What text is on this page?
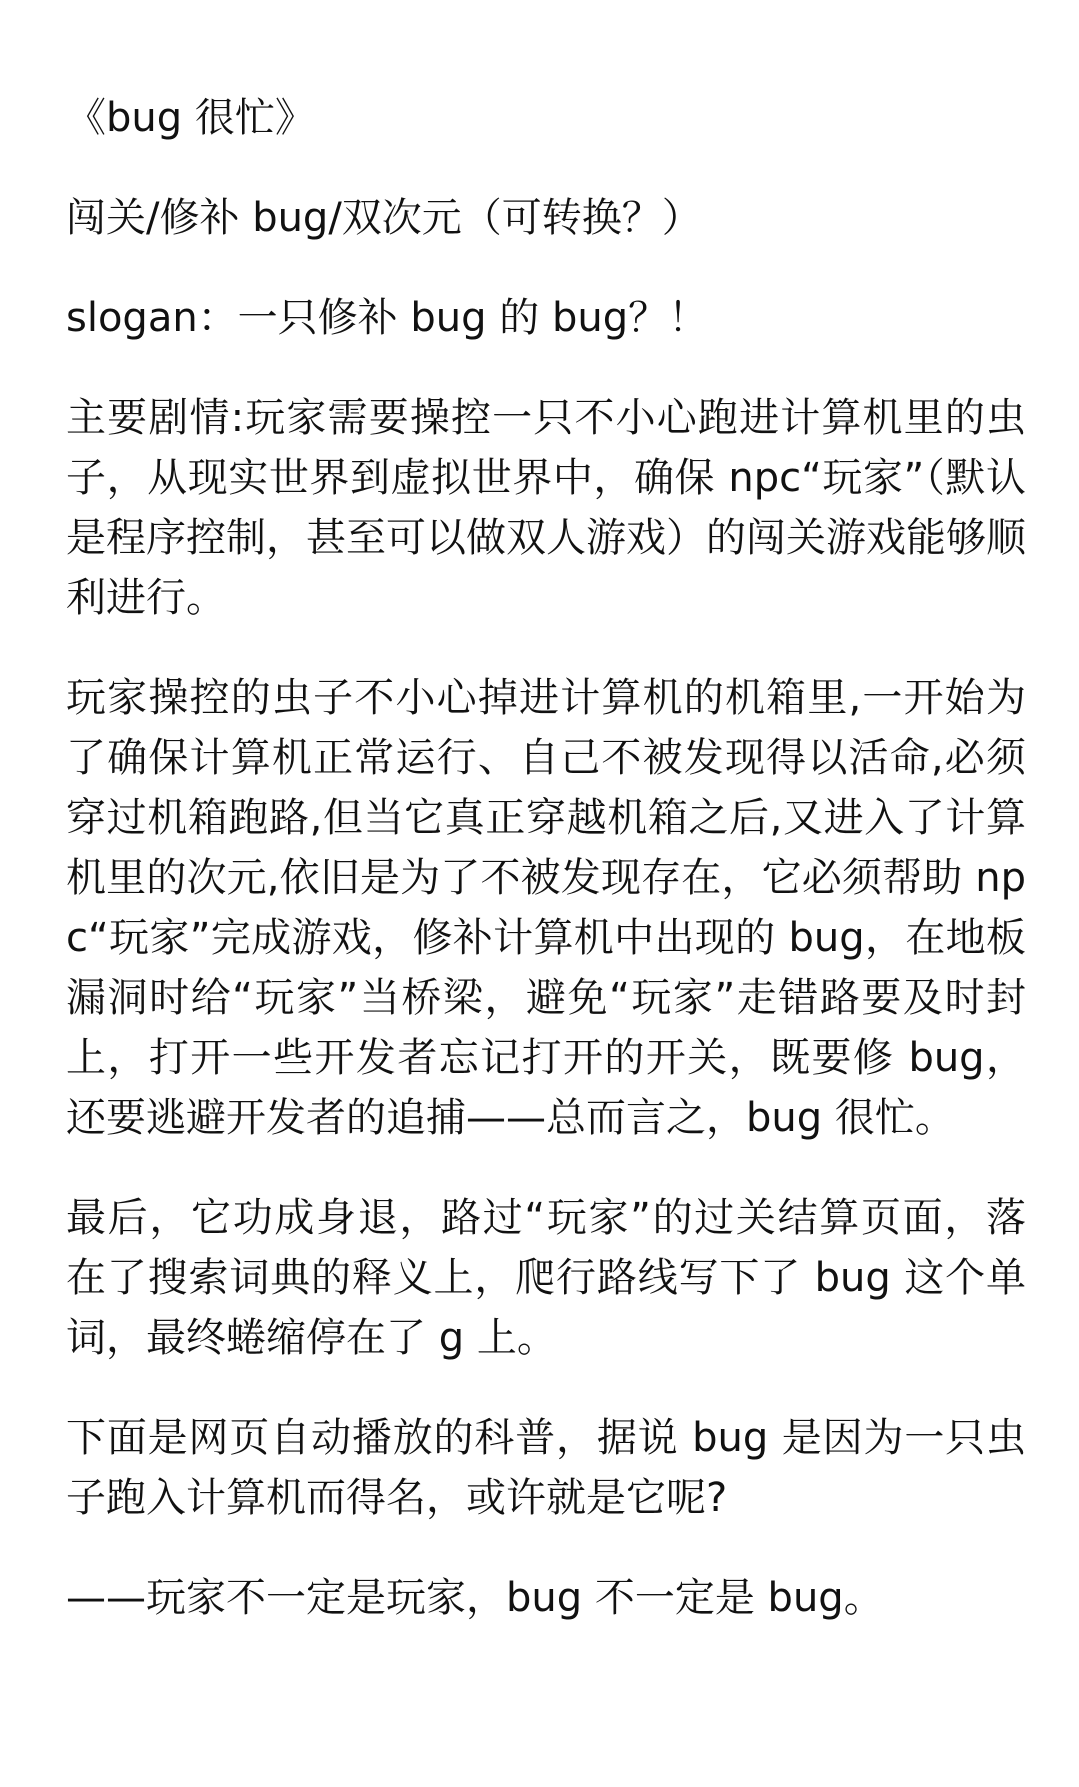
《bug 很忙》

闯关/修补 bug/双次元（可转换？）

slogan：一只修补 bug 的 bug？！

主要剧情:玩家需要操控一只不小心跑进计算机里的虫子，从现实世界到虚拟世界中，确保 npc“玩家”（默认是程序控制，甚至可以做双人游戏）的闯关游戏能够顺利进行。

玩家操控的虫子不小心掉进计算机的机箱里,一开始为了确保计算机正常运行、自己不被发现得以活命,必须穿过机箱跑路,但当它真正穿越机箱之后,又进入了计算机里的次元,依旧是为了不被发现存在，它必须帮助 npc“玩家”完成游戏，修补计算机中出现的 bug，在地板漏洞时给“玩家”当桥梁，避免“玩家”走错路要及时封上，打开一些开发者忘记打开的开关，既要修 bug，还要逃避开发者的追捕——总而言之，bug 很忙。

最后，它功成身退，路过“玩家”的过关结算页面，落在了搜索词典的释义上，爬行路线写下了 bug 这个单词，最终蜷缩停在了 g 上。

下面是网页自动播放的科普，据说 bug 是因为一只虫子跑入计算机而得名，或许就是它呢?

——玩家不一定是玩家，bug 不一定是 bug。
